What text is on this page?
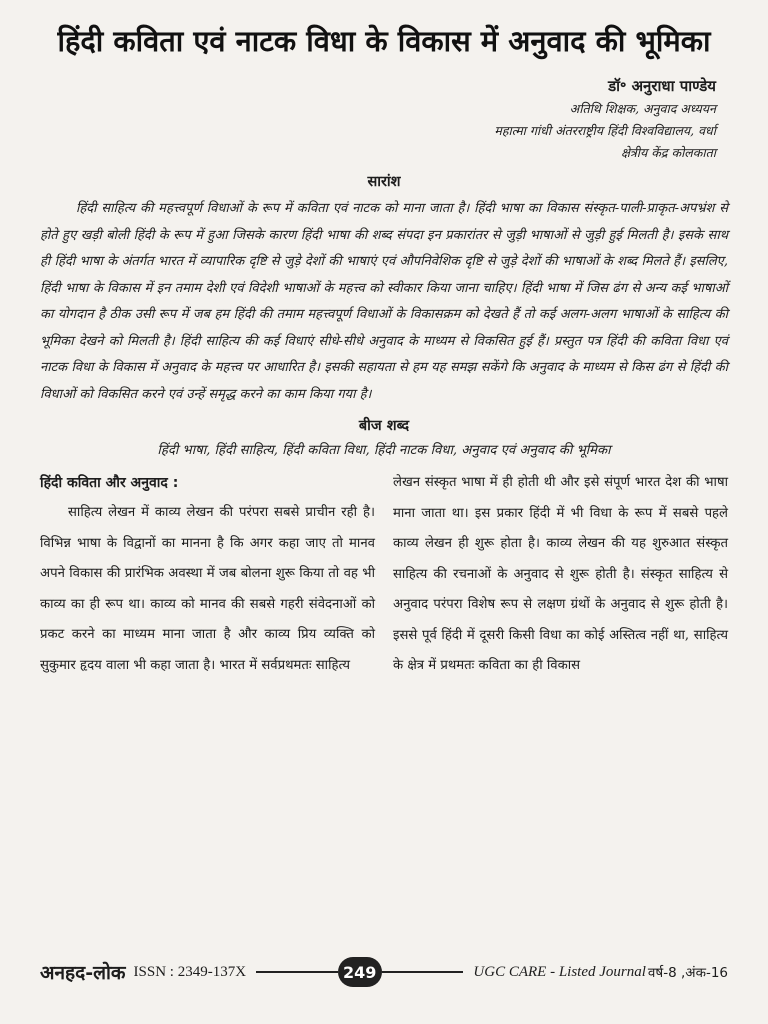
हिंदी कविता एवं नाटक विधा के विकास में अनुवाद की भूमिका
डॉ॰ अनुराधा पाण्डेय
अतिथि शिक्षक, अनुवाद अध्ययन
महात्मा गांधी अंतरराष्ट्रीय हिंदी विश्वविद्यालय, वर्धा
क्षेत्रीय केंद्र कोलकाता
सारांश

हिंदी साहित्य की महत्त्वपूर्ण विधाओं के रूप में कविता एवं नाटक को माना जाता है। हिंदी भाषा का विकास संस्कृत-पाली-प्राकृत-अपभ्रंश से होते हुए खड़ी बोली हिंदी के रूप में हुआ जिसके कारण हिंदी भाषा की शब्द संपदा इन प्रकारांतर से जुड़ी भाषाओं से जुड़ी हुई मिलती है। इसके साथ ही हिंदी भाषा के अंतर्गत भारत में व्यापारिक दृष्टि से जुड़े देशों की भाषाएं एवं औपनिवेशिक दृष्टि से जुड़े देशों की भाषाओं के शब्द मिलते हैं। इसलिए, हिंदी भाषा के विकास में इन तमाम देशी एवं विदेशी भाषाओं के महत्त्व को स्वीकार किया जाना चाहिए। हिंदी भाषा में जिस ढंग से अन्य कई भाषाओं का योगदान है ठीक उसी रूप में जब हम हिंदी की तमाम महत्त्वपूर्ण विधाओं के विकासक्रम को देखते हैं तो कई अलग-अलग भाषाओं के साहित्य की भूमिका देखने को मिलती है। हिंदी साहित्य की कई विधाएं सीधे-सीधे अनुवाद के माध्यम से विकसित हुई हैं। प्रस्तुत पत्र हिंदी की कविता विधा एवं नाटक विधा के विकास में अनुवाद के महत्त्व पर आधारित है। इसकी सहायता से हम यह समझ सकेंगे कि अनुवाद के माध्यम से किस ढंग से हिंदी की विधाओं को विकसित करने एवं उन्हें समृद्ध करने का काम किया गया है।

बीज शब्द

हिंदी भाषा, हिंदी साहित्य, हिंदी कविता विधा, हिंदी नाटक विधा, अनुवाद एवं अनुवाद की भूमिका

हिंदी कविता और अनुवाद :

साहित्य लेखन में काव्य लेखन की परंपरा सबसे प्राचीन रही है। विभिन्न भाषा के विद्वानों का मानना है कि अगर कहा जाए तो मानव अपने विकास की प्रारंभिक अवस्था में जब बोलना शुरू किया तो वह भी काव्य का ही रूप था। काव्य को मानव की सबसे गहरी संवेदनाओं को प्रकट करने का माध्यम माना जाता है और काव्य प्रिय व्यक्ति को सुकुमार हृदय वाला भी कहा जाता है। भारत में सर्वप्रथमतः साहित्य

लेखन संस्कृत भाषा में ही होती थी और इसे संपूर्ण भारत देश की भाषा माना जाता था। इस प्रकार हिंदी में भी विधा के रूप में सबसे पहले काव्य लेखन ही शुरू होता है। काव्य लेखन की यह शुरुआत संस्कृत साहित्य की रचनाओं के अनुवाद से शुरू होती है। संस्कृत साहित्य से अनुवाद परंपरा विशेष रूप से लक्षण ग्रंथों के अनुवाद से शुरू होती है। इससे पूर्व हिंदी में दूसरी किसी विधा का कोई अस्तित्व नहीं था, साहित्य के क्षेत्र में प्रथमतः कविता का ही विकास

अनहद-लोक ISSN : 2349-137X	249	UGC CARE - Listed Journal वर्ष-8 ,अंक-16
